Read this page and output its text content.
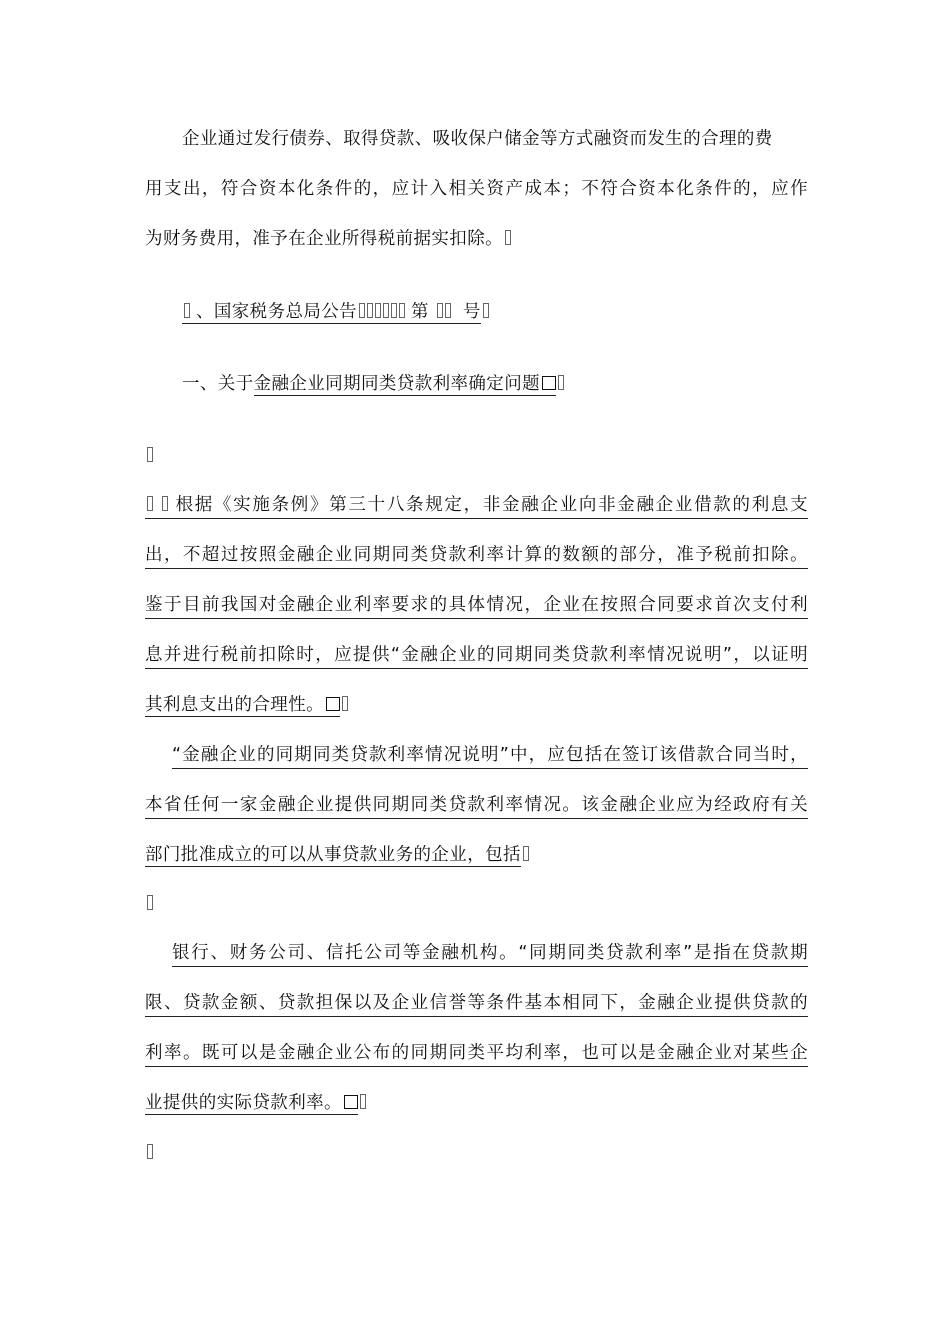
企业通过发行债券、取得贷款、吸收保户储金等方式融资而发生的合理的费
用支出，符合资本化条件的，应计入相关资产成本；不符合资本化条件的，应作
为财务费用，准予在企业所得税前据实扣除。
、国家税务总局公告	第 号
一、关于金融企业同期同类贷款利率确定问题
根据《实施条例》第三十八条规定，非金融企业向非金融企业借款的利息支
出，不超过按照金融企业同期同类贷款利率计算的数额的部分，准予税前扣除。
鉴于目前我国对金融企业利率要求的具体情况，企业在按照合同要求首次支付利
息并进行税前扣除时，应提供“金融企业的同期同类贷款利率情况说明”，以证明
其利息支出的合理性。
“金融企业的同期同类贷款利率情况说明”中，应包括在签订该借款合同当时，
本省任何一家金融企业提供同期同类贷款利率情况。该金融企业应为经政府有关
部门批准成立的可以从事贷款业务的企业，包括
银行、财务公司、信托公司等金融机构。“同期同类贷款利率”是指在贷款期
限、贷款金额、贷款担保以及企业信誉等条件基本相同下，金融企业提供贷款的
利率。既可以是金融企业公布的同期同类平均利率，也可以是金融企业对某些企
业提供的实际贷款利率。
